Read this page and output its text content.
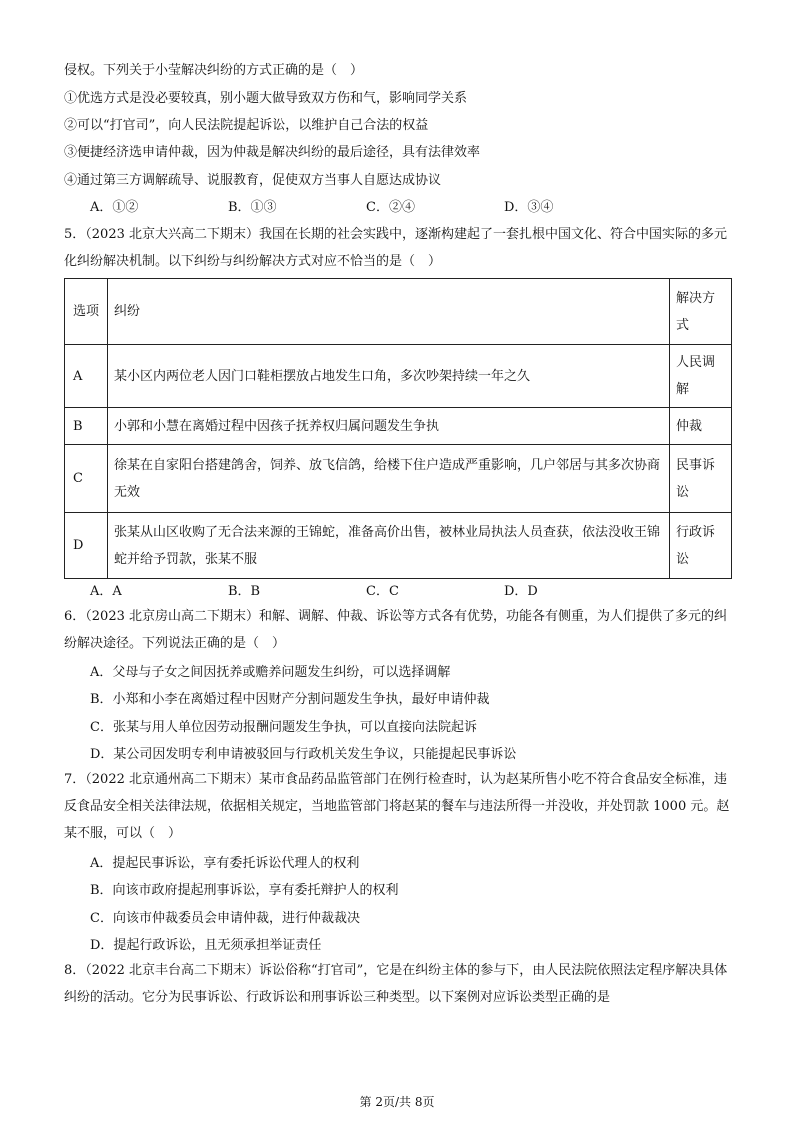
侵权。下列关于小莹解决纠纷的方式正确的是（　）
①优选方式是没必要较真，别小题大做导致双方伤和气，影响同学关系
②可以“打官司”，向人民法院提起诉讼，以维护自己合法的权益
③便捷经济选申请仲裁，因为仲裁是解决纠纷的最后途径，具有法律效率
④通过第三方调解疏导、说服教育，促使双方当事人自愿达成协议
A．①②	B．①③	C．②④	D．③④
5．（2023 北京大兴高二下期末）我国在长期的社会实践中，逐渐构建起了一套扎根中国文化、符合中国实际的多元化纠纷解决机制。以下纠纷与纠纷解决方式对应不恰当的是（　）
选项	纠纷	解决方式
A	某小区内两位老人因门口鞋柜摆放占地发生口角，多次吵架持续一年之久	人民调解
B	小郭和小慧在离婚过程中因孩子抚养权归属问题发生争执	仲裁
C	徐某在自家阳台搭建鸽舍，饲养、放飞信鸽，给楼下住户造成严重影响，几户邻居与其多次协商无效	民事诉讼
D	张某从山区收购了无合法来源的王锦蛇，准备高价出售，被林业局执法人员查获，依法没收王锦蛇并给予罚款，张某不服	行政诉讼
A．A	B．B	C．C	D．D
6．（2023 北京房山高二下期末）和解、调解、仲裁、诉讼等方式各有优势，功能各有侧重，为人们提供了多元的纠纷解决途径。下列说法正确的是（　）
A．父母与子女之间因抚养或赡养问题发生纠纷，可以选择调解
B．小郑和小李在离婚过程中因财产分割问题发生争执，最好申请仲裁
C．张某与用人单位因劳动报酬问题发生争执，可以直接向法院起诉
D．某公司因发明专利申请被驳回与行政机关发生争议，只能提起民事诉讼
7．（2022 北京通州高二下期末）某市食品药品监管部门在例行检查时，认为赵某所售小吃不符合食品安全标准，违反食品安全相关法律法规，依据相关规定，当地监管部门将赵某的餐车与违法所得一并没收，并处罚款 1000 元。赵某不服，可以（　）
A．提起民事诉讼，享有委托诉讼代理人的权利
B．向该市政府提起刑事诉讼，享有委托辩护人的权利
C．向该市仲裁委员会申请仲裁，进行仲裁裁决
D．提起行政诉讼，且无须承担举证责任
8．（2022 北京丰台高二下期末）诉讼俗称“打官司”，它是在纠纷主体的参与下，由人民法院依照法定程序解决具体纠纷的活动。它分为民事诉讼、行政诉讼和刑事诉讼三种类型。以下案例对应诉讼类型正确的是
第 2页/共 8页
